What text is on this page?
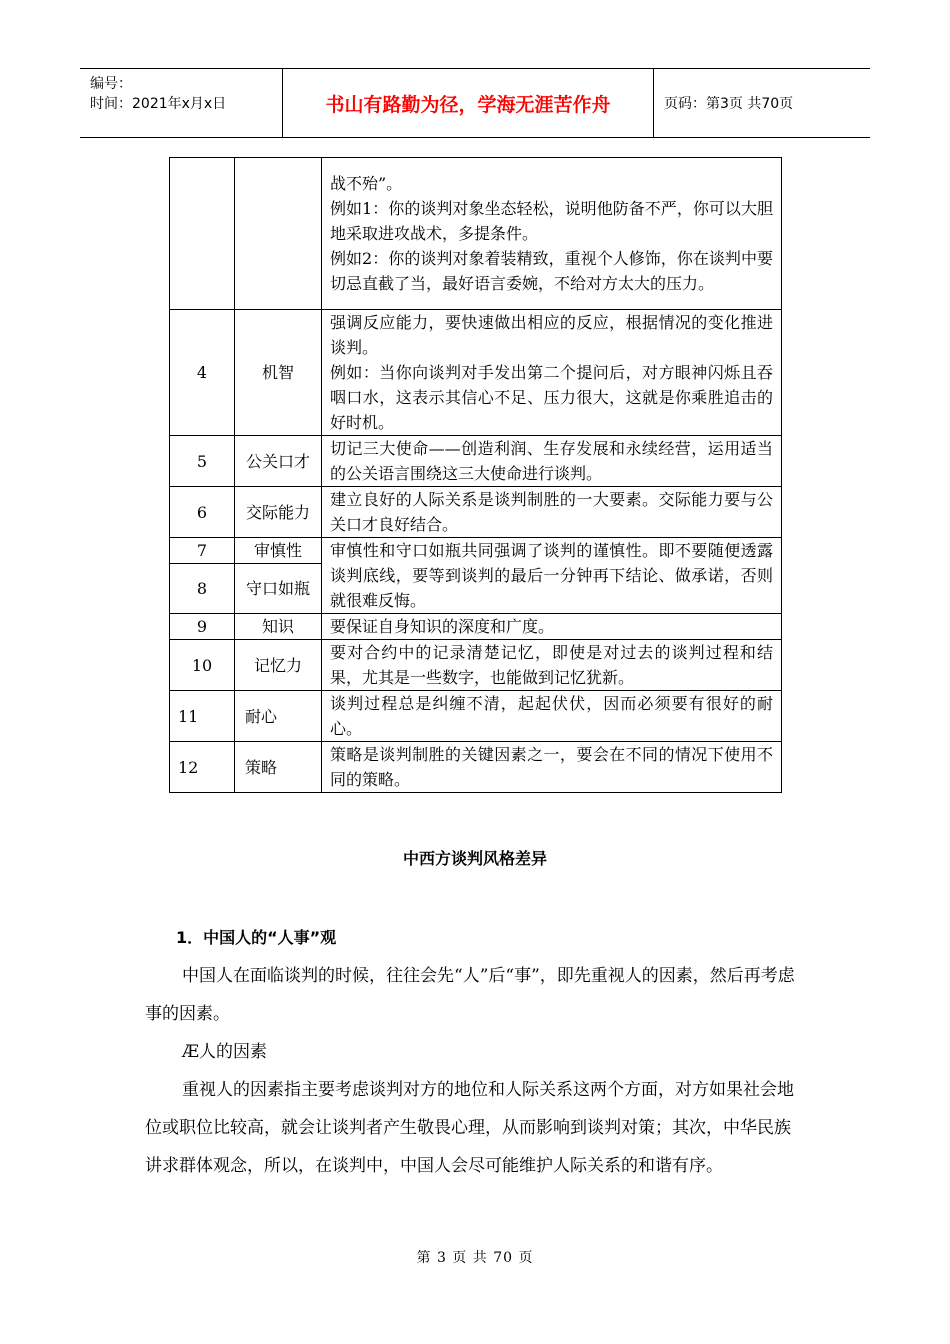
编号：
时间：2021年x月x日	书山有路勤为径，学海无涯苦作舟	页码：第3页 共70页

		战不殆”。
例如1：你的谈判对象坐态轻松，说明他防备不严，你可以大胆地采取进攻战术，多提条件。
例如2：你的谈判对象着装精致，重视个人修饰，你在谈判中要切忌直截了当，最好语言委婉，不给对方太大的压力。

4	机智	强调反应能力，要快速做出相应的反应，根据情况的变化推进谈判。
例如：当你向谈判对手发出第二个提问后，对方眼神闪烁且吞咽口水，这表示其信心不足、压力很大，这就是你乘胜追击的好时机。

5	公关口才	切记三大使命——创造利润、生存发展和永续经营，运用适当的公关语言围绕这三大使命进行谈判。

6	交际能力	建立良好的人际关系是谈判制胜的一大要素。交际能力要与公关口才良好结合。

7	审慎性	审慎性和守口如瓶共同强调了谈判的谨慎性。即不要随便透露谈判底线，要等到谈判的最后一分钟再下结论、做承诺，否则就很难反悔。

8	守口如瓶	
9	知识	要保证自身知识的深度和广度。

10	记忆力	要对合约中的记录清楚记忆，即使是对过去的谈判过程和结果，尤其是一些数字，也能做到记忆犹新。

11	耐心	谈判过程总是纠缠不清，起起伏伏，因而必须要有很好的耐心。

12	策略	策略是谈判制胜的关键因素之一，要会在不同的情况下使用不同的策略。
中西方谈判风格差异
1．中国人的“人事”观
中国人在面临谈判的时候，往往会先“人”后“事”，即先重视人的因素，然后再考虑事的因素。
Æ人的因素
重视人的因素指主要考虑谈判对方的地位和人际关系这两个方面，对方如果社会地位或职位比较高，就会让谈判者产生敬畏心理，从而影响到谈判对策；其次，中华民族讲求群体观念，所以，在谈判中，中国人会尽可能维护人际关系的和谐有序。
第 3 页 共 70 页
